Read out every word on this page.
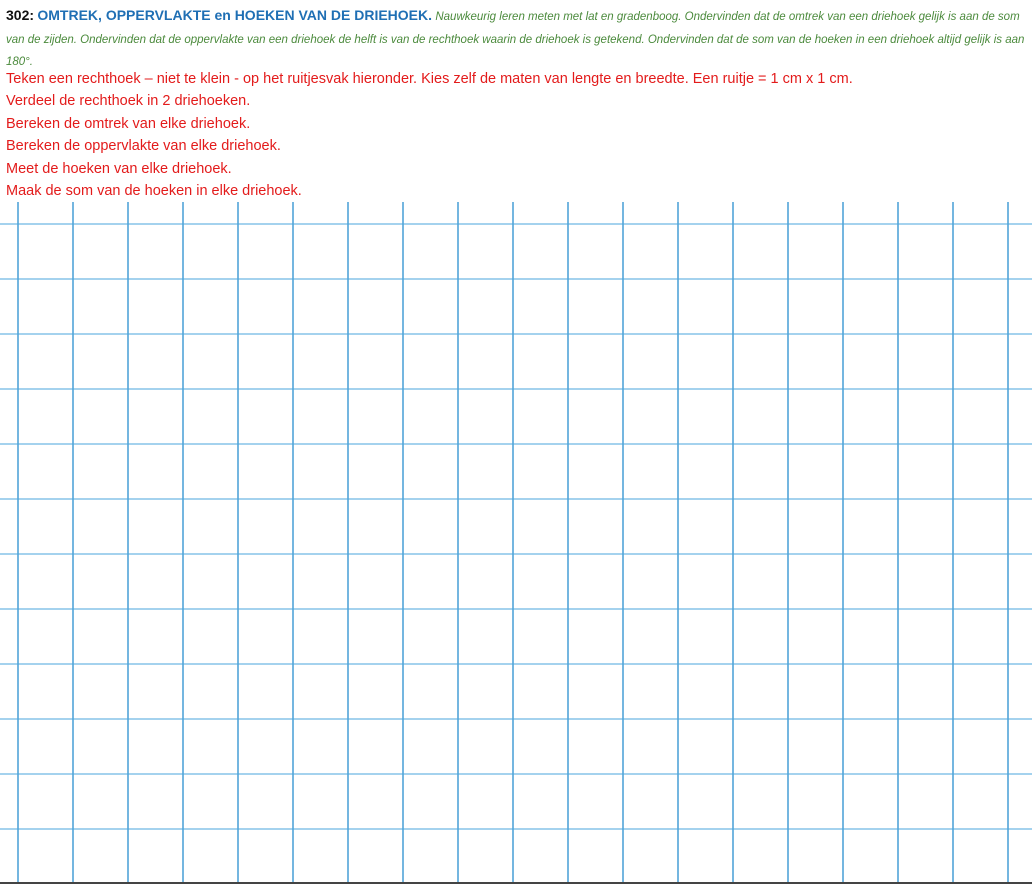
302: OMTREK, OPPERVLAKTE en HOEKEN VAN DE DRIEHOEK. Nauwkeurig leren meten met lat en gradenboog. Ondervinden dat de omtrek van een driehoek gelijk is aan de som van de zijden. Ondervinden dat de oppervlakte van een driehoek de helft is van de rechthoek waarin de driehoek is getekend. Ondervinden dat de som van de hoeken in een driehoek altijd gelijk is aan 180°.
Teken een rechthoek – niet te klein - op het ruitjesvak hieronder. Kies zelf de maten van lengte en breedte. Een ruitje = 1 cm x 1 cm.
Verdeel de rechthoek in 2 driehoeken.
Bereken de omtrek van elke driehoek.
Bereken de oppervlakte van elke driehoek.
Meet de hoeken van elke driehoek.
Maak de som van de hoeken in elke driehoek.
